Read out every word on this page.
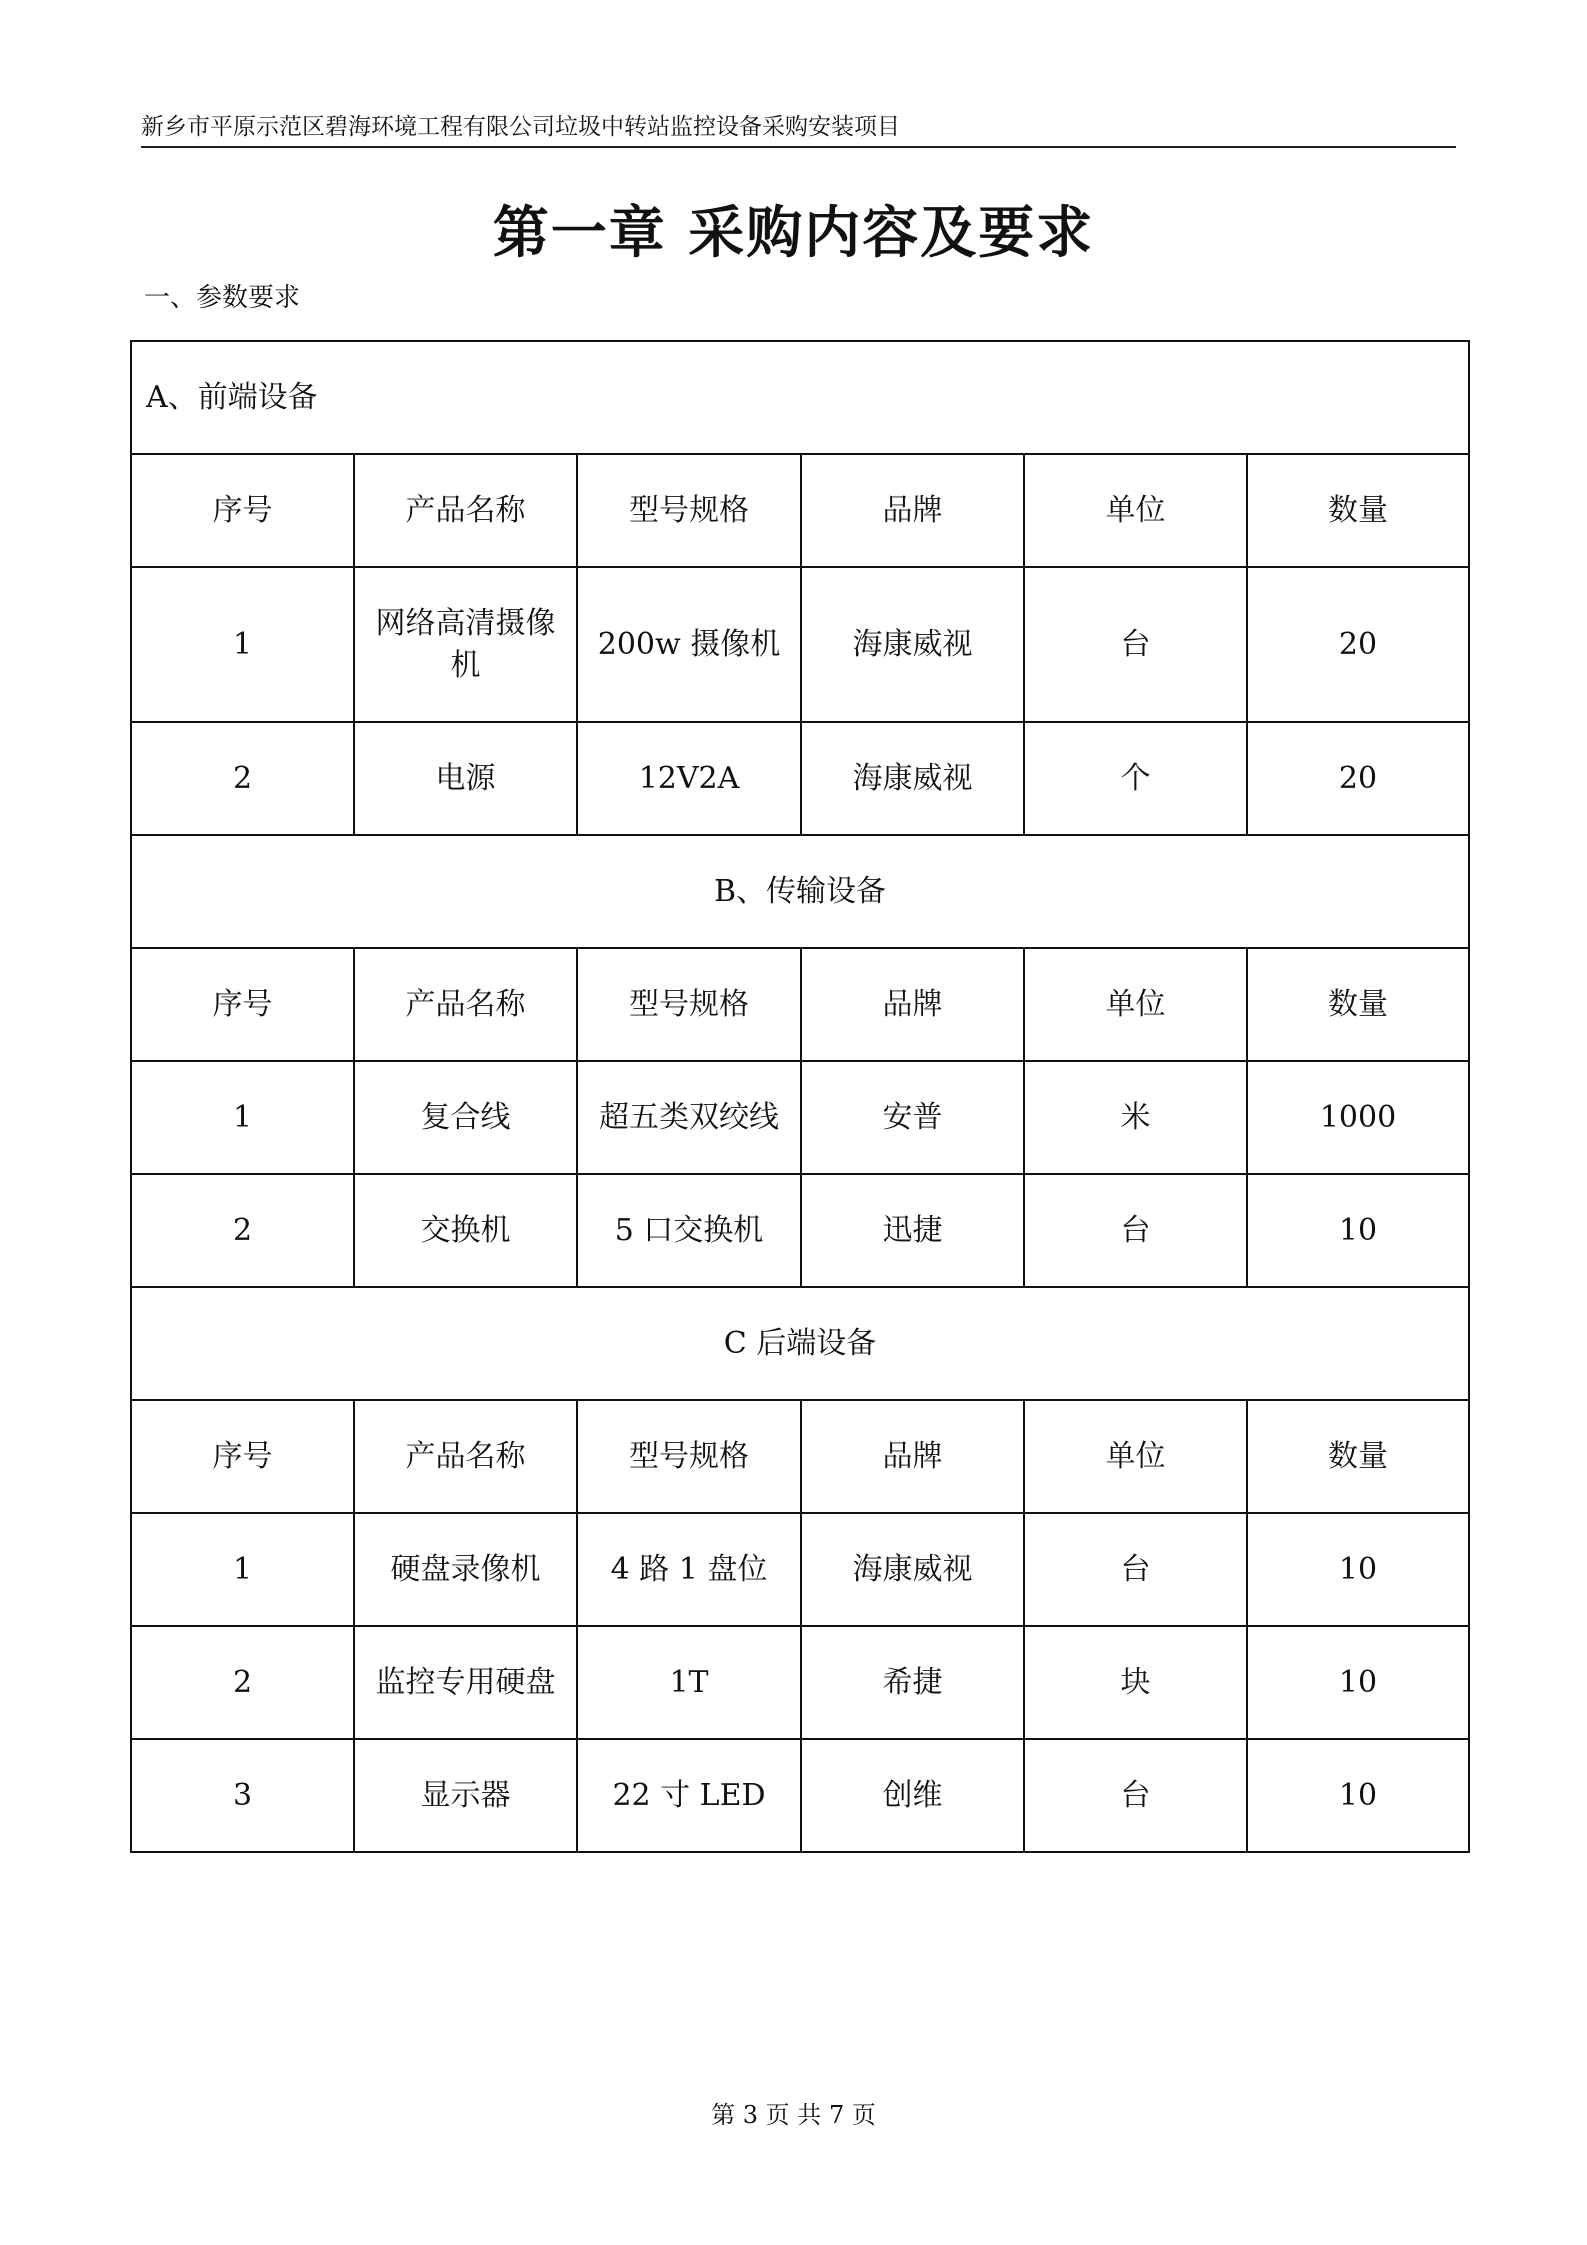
新乡市平原示范区碧海环境工程有限公司垃圾中转站监控设备采购安装项目
第一章 采购内容及要求
一、参数要求
A、前端设备					
序号	产品名称	型号规格	品牌	单位	数量
1	网络高清摄像机	200w 摄像机	海康威视	台	20
2	电源	12V2A	海康威视	个	20
B、传输设备					
序号	产品名称	型号规格	品牌	单位	数量
1	复合线	超五类双绞线	安普	米	1000
2	交换机	5 口交换机	迅捷	台	10
C 后端设备					
序号	产品名称	型号规格	品牌	单位	数量
1	硬盘录像机	4 路 1 盘位	海康威视	台	10
2	监控专用硬盘	1T	希捷	块	10
3	显示器	22 寸 LED	创维	台	10
第 3 页 共 7 页
